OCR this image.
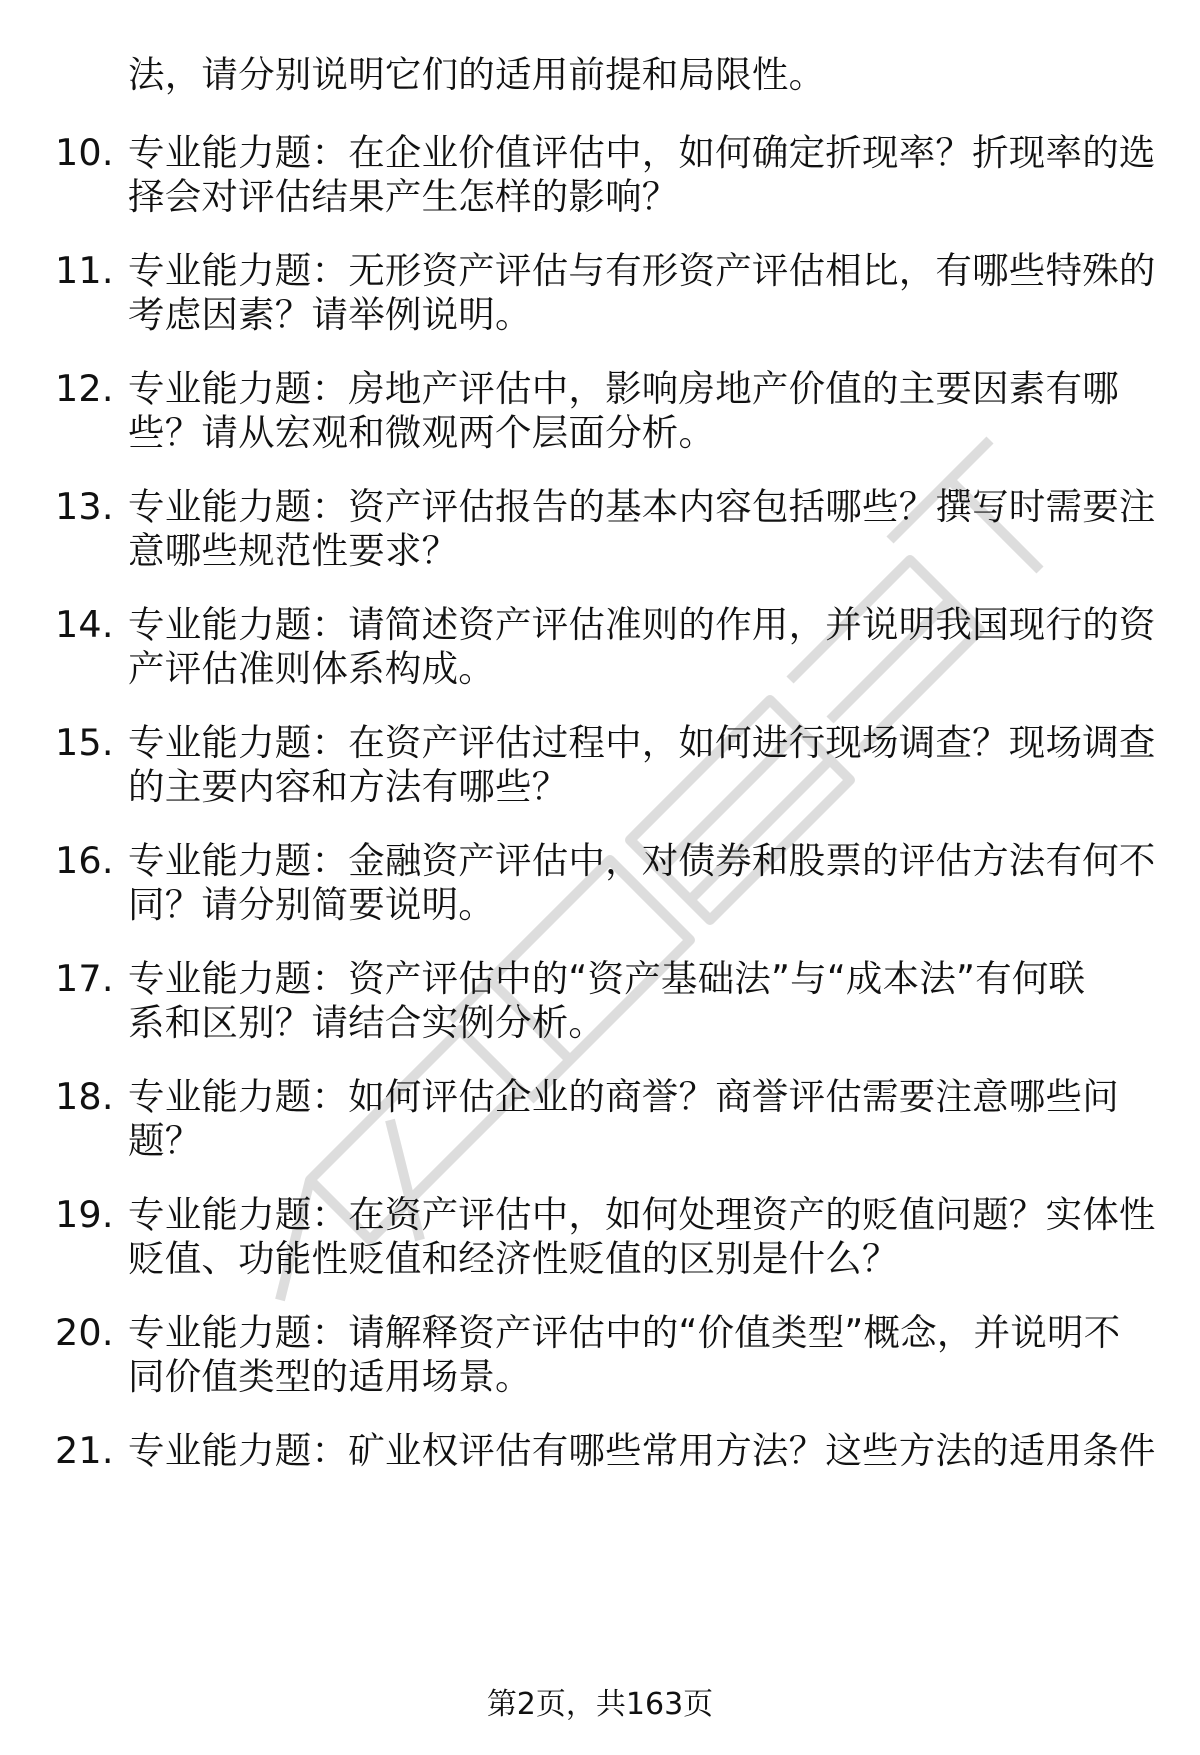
法，请分别说明它们的适用前提和局限性。
10. 专业能力题：在企业价值评估中，如何确定折现率？折现率的选
择会对评估结果产生怎样的影响？
11. 专业能力题：无形资产评估与有形资产评估相比，有哪些特殊的
考虑因素？请举例说明。
12. 专业能力题：房地产评估中，影响房地产价值的主要因素有哪
些？请从宏观和微观两个层面分析。
13. 专业能力题：资产评估报告的基本内容包括哪些？撰写时需要注
意哪些规范性要求？
14. 专业能力题：请简述资产评估准则的作用，并说明我国现行的资
产评估准则体系构成。
15. 专业能力题：在资产评估过程中，如何进行现场调查？现场调查
的主要内容和方法有哪些？
16. 专业能力题：金融资产评估中，对债券和股票的评估方法有何不
同？请分别简要说明。
17. 专业能力题：资产评估中的“资产基础法”与“成本法”有何联
系和区别？请结合实例分析。
18. 专业能力题：如何评估企业的商誉？商誉评估需要注意哪些问
题？
19. 专业能力题：在资产评估中，如何处理资产的贬值问题？实体性
贬值、功能性贬值和经济性贬值的区别是什么？
20. 专业能力题：请解释资产评估中的“价值类型”概念，并说明不
同价值类型的适用场景。
21. 专业能力题：矿业权评估有哪些常用方法？这些方法的适用条件
第2页，共163页
